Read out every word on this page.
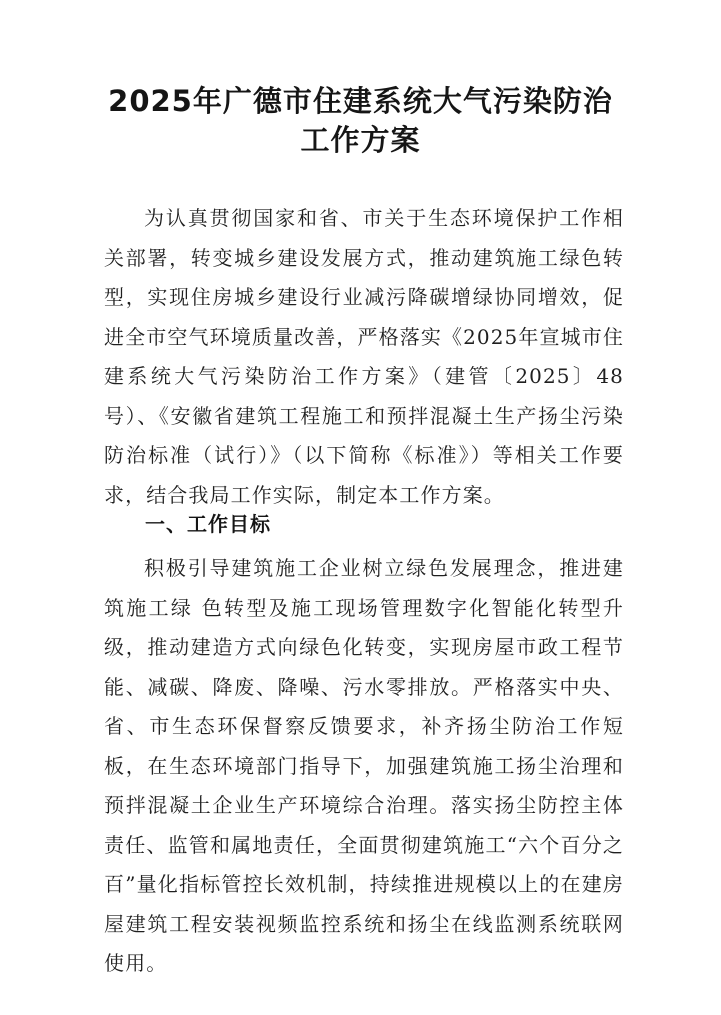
2025年广德市住建系统大气污染防治
工作方案
为认真贯彻国家和省、市关于生态环境保护工作相关部署，转变城乡建设发展方式，推动建筑施工绿色转型，实现住房城乡建设行业减污降碳增绿协同增效，促进全市空气环境质量改善，严格落实《2025年宣城市住建系统大气污染防治工作方案》（建管〔2025〕48号）、《安徽省建筑工程施工和预拌混凝土生产扬尘污染防治标准（试行）》（以下简称《标准》）等相关工作要求，结合我局工作实际，制定本工作方案。
一、工作目标
积极引导建筑施工企业树立绿色发展理念，推进建筑施工绿 色转型及施工现场管理数字化智能化转型升级，推动建造方式向绿色化转变，实现房屋市政工程节能、减碳、降废、降噪、污水零排放。严格落实中央、省、市生态环保督察反馈要求，补齐扬尘防治工作短板，在生态环境部门指导下，加强建筑施工扬尘治理和预拌混凝土企业生产环境综合治理。落实扬尘防控主体责任、监管和属地责任，全面贯彻建筑施工“六个百分之百”量化指标管控长效机制，持续推进规模以上的在建房屋建筑工程安装视频监控系统和扬尘在线监测系统联网使用。
